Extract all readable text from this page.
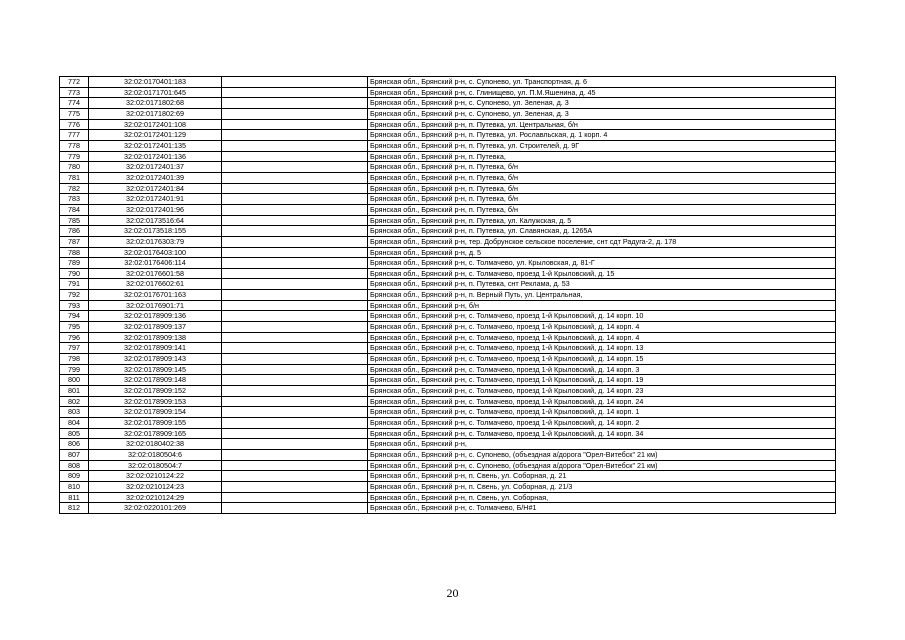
772	32:02:0170401:183		Брянская обл., Брянский р-н, с. Супонево, ул. Транспортная, д. 6
773	32:02:0171701:645		Брянская обл., Брянский р-н, с. Глинищево, ул. П.М.Яшенина, д. 45
774	32:02:0171802:68		Брянская обл., Брянский р-н, с. Супонево, ул. Зеленая, д. 3
775	32:02:0171802:69		Брянская обл., Брянский р-н, с. Супонево, ул. Зеленая, д. 3
776	32:02:0172401:108		Брянская обл., Брянский р-н, п. Путевка, ул. Центральная, б/н
777	32:02:0172401:129		Брянская обл., Брянский р-н, п. Путевка, ул. Рославльская, д. 1 корп. 4
778	32:02:0172401:135		Брянская обл., Брянский р-н, п. Путевка, ул. Строителей, д. 9Г
779	32:02:0172401:136		Брянская обл., Брянский р-н, п. Путевка,
780	32:02:0172401:37		Брянская обл., Брянский р-н, п. Путевка, б/н
781	32:02:0172401:39		Брянская обл., Брянский р-н, п. Путевка, б/н
782	32:02:0172401:84		Брянская обл., Брянский р-н, п. Путевка, б/н
783	32:02:0172401:91		Брянская обл., Брянский р-н, п. Путевка, б/н
784	32:02:0172401:96		Брянская обл., Брянский р-н, п. Путевка, б/н
785	32:02:0173516:64		Брянская обл., Брянский р-н, п. Путевка, ул. Калужская, д. 5
786	32:02:0173518:155		Брянская обл., Брянский р-н, п. Путевка, ул. Славянская, д. 1265А
787	32:02:0176303:79		Брянская обл., Брянский р-н, тер. Добрунское сельское поселение, снт сдт Радуга-2, д. 178
788	32:02:0176403:100		Брянская обл., Брянский р-н, д. 5
789	32:02:0176406:114		Брянская обл., Брянский р-н, с. Толмачево, ул. Крыловская, д. 81-Г
790	32:02:0176601:58		Брянская обл., Брянский р-н, с. Толмачево, проезд 1-й Крыловский, д. 15
791	32:02:0176602:61		Брянская обл., Брянский р-н, п. Путевка, снт Реклама, д. 53
792	32:02:0176701:163		Брянская обл., Брянский р-н, п. Верный Путь, ул. Центральная,
793	32:02:0176901:71		Брянская обл., Брянский р-н, б/н
794	32:02:0178909:136		Брянская обл., Брянский р-н, с. Толмачево, проезд 1-й Крыловский, д. 14 корп. 10
795	32:02:0178909:137		Брянская обл., Брянский р-н, с. Толмачево, проезд 1-й Крыловский, д. 14 корп. 4
796	32:02:0178909:138		Брянская обл., Брянский р-н, с. Толмачево, проезд 1-й Крыловский, д. 14 корп. 4
797	32:02:0178909:141		Брянская обл., Брянский р-н, с. Толмачево, проезд 1-й Крыловский, д. 14 корп. 13
798	32:02:0178909:143		Брянская обл., Брянский р-н, с. Толмачево, проезд 1-й Крыловский, д. 14 корп. 15
799	32:02:0178909:145		Брянская обл., Брянский р-н, с. Толмачево, проезд 1-й Крыловский, д. 14 корп. 3
800	32:02:0178909:148		Брянская обл., Брянский р-н, с. Толмачево, проезд 1-й Крыловский, д. 14 корп. 19
801	32:02:0178909:152		Брянская обл., Брянский р-н, с. Толмачево, проезд 1-й Крыловский, д. 14 корп. 23
802	32:02:0178909:153		Брянская обл., Брянский р-н, с. Толмачево, проезд 1-й Крыловский, д. 14 корп. 24
803	32:02:0178909:154		Брянская обл., Брянский р-н, с. Толмачево, проезд 1-й Крыловский, д. 14 корп. 1
804	32:02:0178909:155		Брянская обл., Брянский р-н, с. Толмачево, проезд 1-й Крыловский, д. 14 корп. 2
805	32:02:0178909:165		Брянская обл., Брянский р-н, с. Толмачево, проезд 1-й Крыловский, д. 14 корп. 34
806	32:02:0180402:38		Брянская обл., Брянский р-н,
807	32:02:0180504:6		Брянская обл., Брянский р-н, с. Супонево, (объездная а/дорога "Орел-Витебск" 21 км)
808	32:02:0180504:7		Брянская обл., Брянский р-н, с. Супонево, (объездная а/дорога "Орел-Витебск" 21 км)
809	32:02:0210124:22		Брянская обл., Брянский р-н, п. Свень, ул. Соборная, д. 21
810	32:02:0210124:23		Брянская обл., Брянский р-н, п. Свень, ул. Соборная, д. 21/3
811	32:02:0210124:29		Брянская обл., Брянский р-н, п. Свень, ул. Соборная,
812	32:02:0220101:269		Брянская обл., Брянский р-н, с. Толмачево, Б/Н#1
20
